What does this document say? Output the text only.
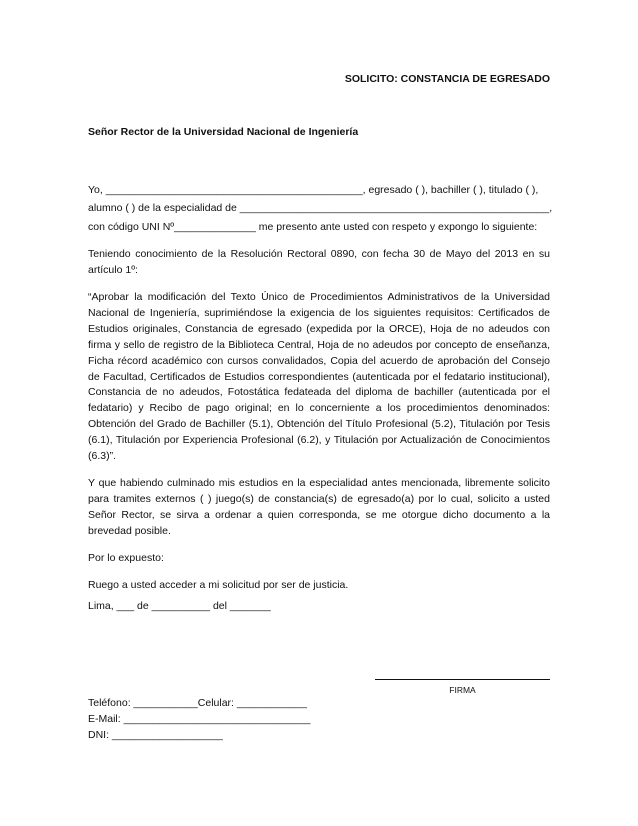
SOLICITO: CONSTANCIA DE EGRESADO
Señor Rector de la Universidad Nacional de Ingeniería

Yo, ____________________________________________, egresado ( ), bachiller ( ), titulado ( ),
alumno ( ) de la especialidad de _____________________________________________________,
con código UNI Nº______________ me presento ante usted con respeto y expongo lo siguiente:

Teniendo conocimiento de la Resolución Rectoral 0890, con fecha 30 de Mayo del 2013 en su artículo 1º:

“Aprobar la modificación del Texto Único de Procedimientos Administrativos de la Universidad Nacional de Ingeniería, suprimiéndose la exigencia de los siguientes requisitos: Certificados de Estudios originales, Constancia de egresado (expedida por la ORCE), Hoja de no adeudos con firma y sello de registro de la Biblioteca Central, Hoja de no adeudos por concepto de enseñanza, Ficha récord académico con cursos convalidados, Copia del acuerdo de aprobación del Consejo de Facultad, Certificados de Estudios correspondientes (autenticada por el fedatario institucional), Constancia de no adeudos, Fotostática fedateada del diploma de bachiller (autenticada por el fedatario) y Recibo de pago original; en lo concerniente a los procedimientos denominados: Obtención del Grado de Bachiller (5.1), Obtención del Título Profesional (5.2), Titulación por Tesis (6.1), Titulación por Experiencia Profesional (6.2), y Titulación por Actualización de Conocimientos (6.3)”.

Y que habiendo culminado mis estudios en la especialidad antes mencionada, libremente solicito para tramites externos ( ) juego(s) de constancia(s) de egresado(a) por lo cual, solicito a usted Señor Rector, se sirva a ordenar a quien corresponda, se me otorgue dicho documento a la brevedad posible.

Por lo expuesto:

Ruego a usted acceder a mi solicitud por ser de justicia.

Lima, ___ de __________ del _______
FIRMA
Teléfono: ___________Celular: ____________
E-Mail: ________________________________
DNI: ___________________
